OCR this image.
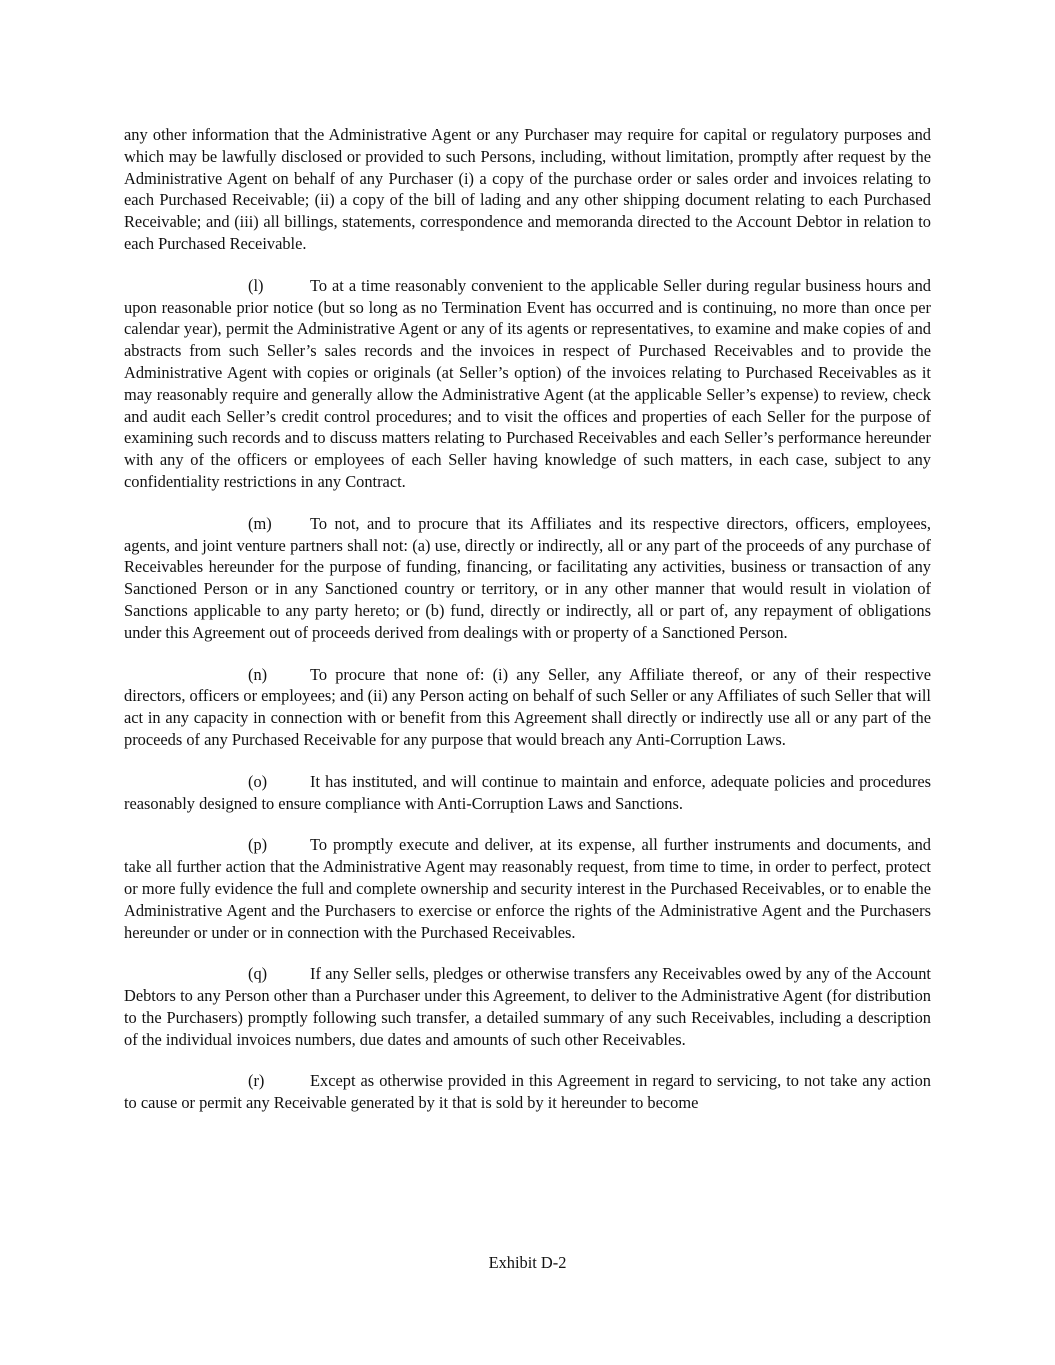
any other information that the Administrative Agent or any Purchaser may require for capital or regulatory purposes and which may be lawfully disclosed or provided to such Persons, including, without limitation, promptly after request by the Administrative Agent on behalf of any Purchaser (i) a copy of the purchase order or sales order and invoices relating to each Purchased Receivable; (ii) a copy of the bill of lading and any other shipping document relating to each Purchased Receivable; and (iii) all billings, statements, correspondence and memoranda directed to the Account Debtor in relation to each Purchased Receivable.

(l)	To at a time reasonably convenient to the applicable Seller during regular business hours and upon reasonable prior notice (but so long as no Termination Event has occurred and is continuing, no more than once per calendar year), permit the Administrative Agent or any of its agents or representatives, to examine and make copies of and abstracts from such Seller’s sales records and the invoices in respect of Purchased Receivables and to provide the Administrative Agent with copies or originals (at Seller’s option) of the invoices relating to Purchased Receivables as it may reasonably require and generally allow the Administrative Agent (at the applicable Seller’s expense) to review, check and audit each Seller’s credit control procedures; and to visit the offices and properties of each Seller for the purpose of examining such records and to discuss matters relating to Purchased Receivables and each Seller’s performance hereunder with any of the officers or employees of each Seller having knowledge of such matters, in each case, subject to any confidentiality restrictions in any Contract.

(m) To not, and to procure that its Affiliates and its respective directors, officers, employees, agents, and joint venture partners shall not: (a) use, directly or indirectly, all or any part of the proceeds of any purchase of Receivables hereunder for the purpose of funding, financing, or facilitating any activities, business or transaction of any Sanctioned Person or in any Sanctioned country or territory, or in any other manner that would result in violation of Sanctions applicable to any party hereto; or (b) fund, directly or indirectly, all or part of, any repayment of obligations under this Agreement out of proceeds derived from dealings with or property of a Sanctioned Person.

(n)	To procure that none of: (i) any Seller, any Affiliate thereof, or any of their respective directors, officers or employees; and (ii) any Person acting on behalf of such Seller or any Affiliates of such Seller that will act in any capacity in connection with or benefit from this Agreement shall directly or indirectly use all or any part of the proceeds of any Purchased Receivable for any purpose that would breach any Anti-Corruption Laws.

(o)	It has instituted, and will continue to maintain and enforce, adequate policies and procedures reasonably designed to ensure compliance with Anti-Corruption Laws and Sanctions.

(p)	To promptly execute and deliver, at its expense, all further instruments and documents, and take all further action that the Administrative Agent may reasonably request, from time to time, in order to perfect, protect or more fully evidence the full and complete ownership and security interest in the Purchased Receivables, or to enable the Administrative Agent and the Purchasers to exercise or enforce the rights of the Administrative Agent and the Purchasers hereunder or under or in connection with the Purchased Receivables.

(q)	If any Seller sells, pledges or otherwise transfers any Receivables owed by any of the Account Debtors to any Person other than a Purchaser under this Agreement, to deliver to the Administrative Agent (for distribution to the Purchasers) promptly following such transfer, a detailed summary of any such Receivables, including a description of the individual invoices numbers, due dates and amounts of such other Receivables.

(r)	Except as otherwise provided in this Agreement in regard to servicing, to not take any action to cause or permit any Receivable generated by it that is sold by it hereunder to become

Exhibit D-2
